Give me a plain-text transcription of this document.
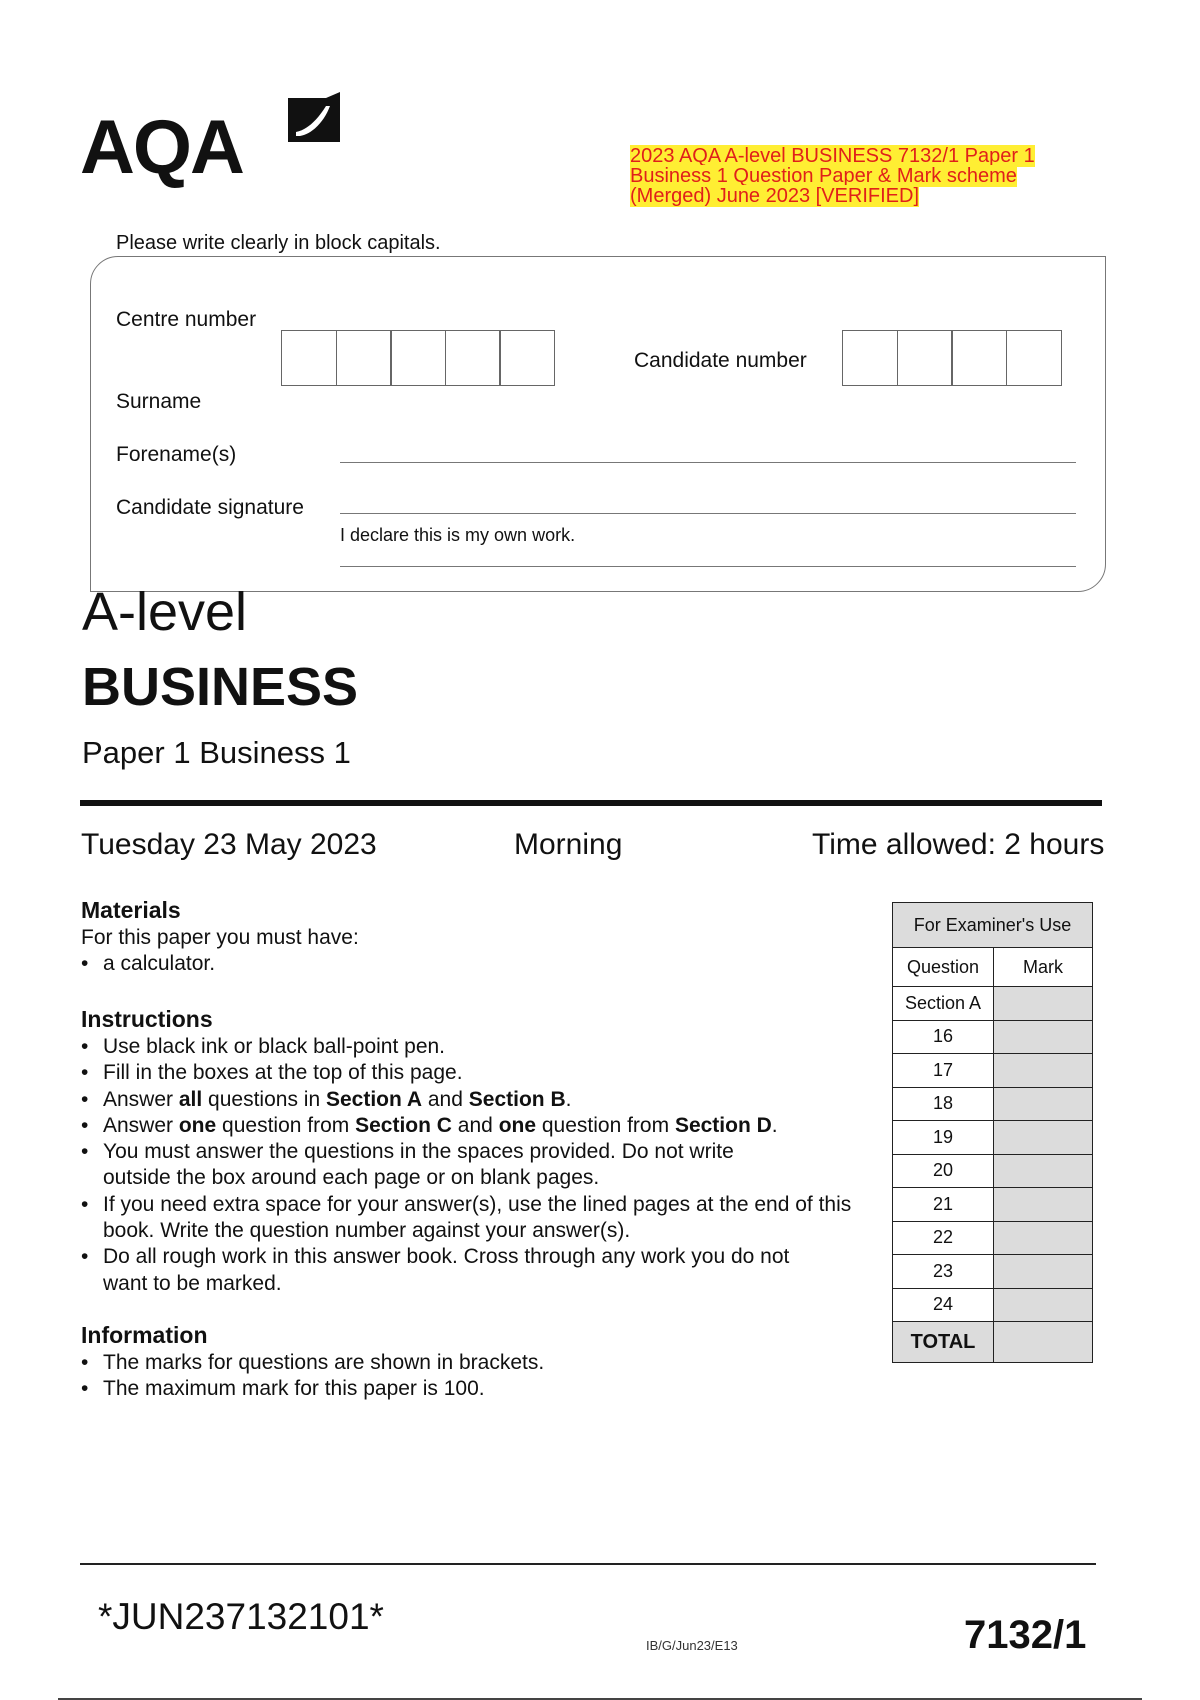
AQA	2023 AQA A-level BUSINESS 7132/1 Paper 1 Business 1 Question Paper & Mark scheme (Merged) June 2023 [VERIFIED]
Please write clearly in block capitals.
Centre number
Candidate number
Surname
Forename(s)
Candidate signature
I declare this is my own work.
A-level
BUSINESS
Paper 1 Business 1
Tuesday 23 May 2023	Morning	Time allowed: 2 hours
Materials
For this paper you must have:
• a calculator.
Instructions
• Use black ink or black ball-point pen.
• Fill in the boxes at the top of this page.
• Answer all questions in Section A and Section B.
• Answer one question from Section C and one question from Section D.
• You must answer the questions in the spaces provided. Do not write outside the box around each page or on blank pages.
• If you need extra space for your answer(s), use the lined pages at the end of this book. Write the question number against your answer(s).
• Do all rough work in this answer book. Cross through any work you do not want to be marked.
Information
• The marks for questions are shown in brackets.
• The maximum mark for this paper is 100.
For Examiner's Use	
Question	Mark
Section A	
16	
17	
18	
19	
20	
21	
22	
23	
24	
TOTAL	
*JUN237132101*
IB/G/Jun23/E13	7132/1
